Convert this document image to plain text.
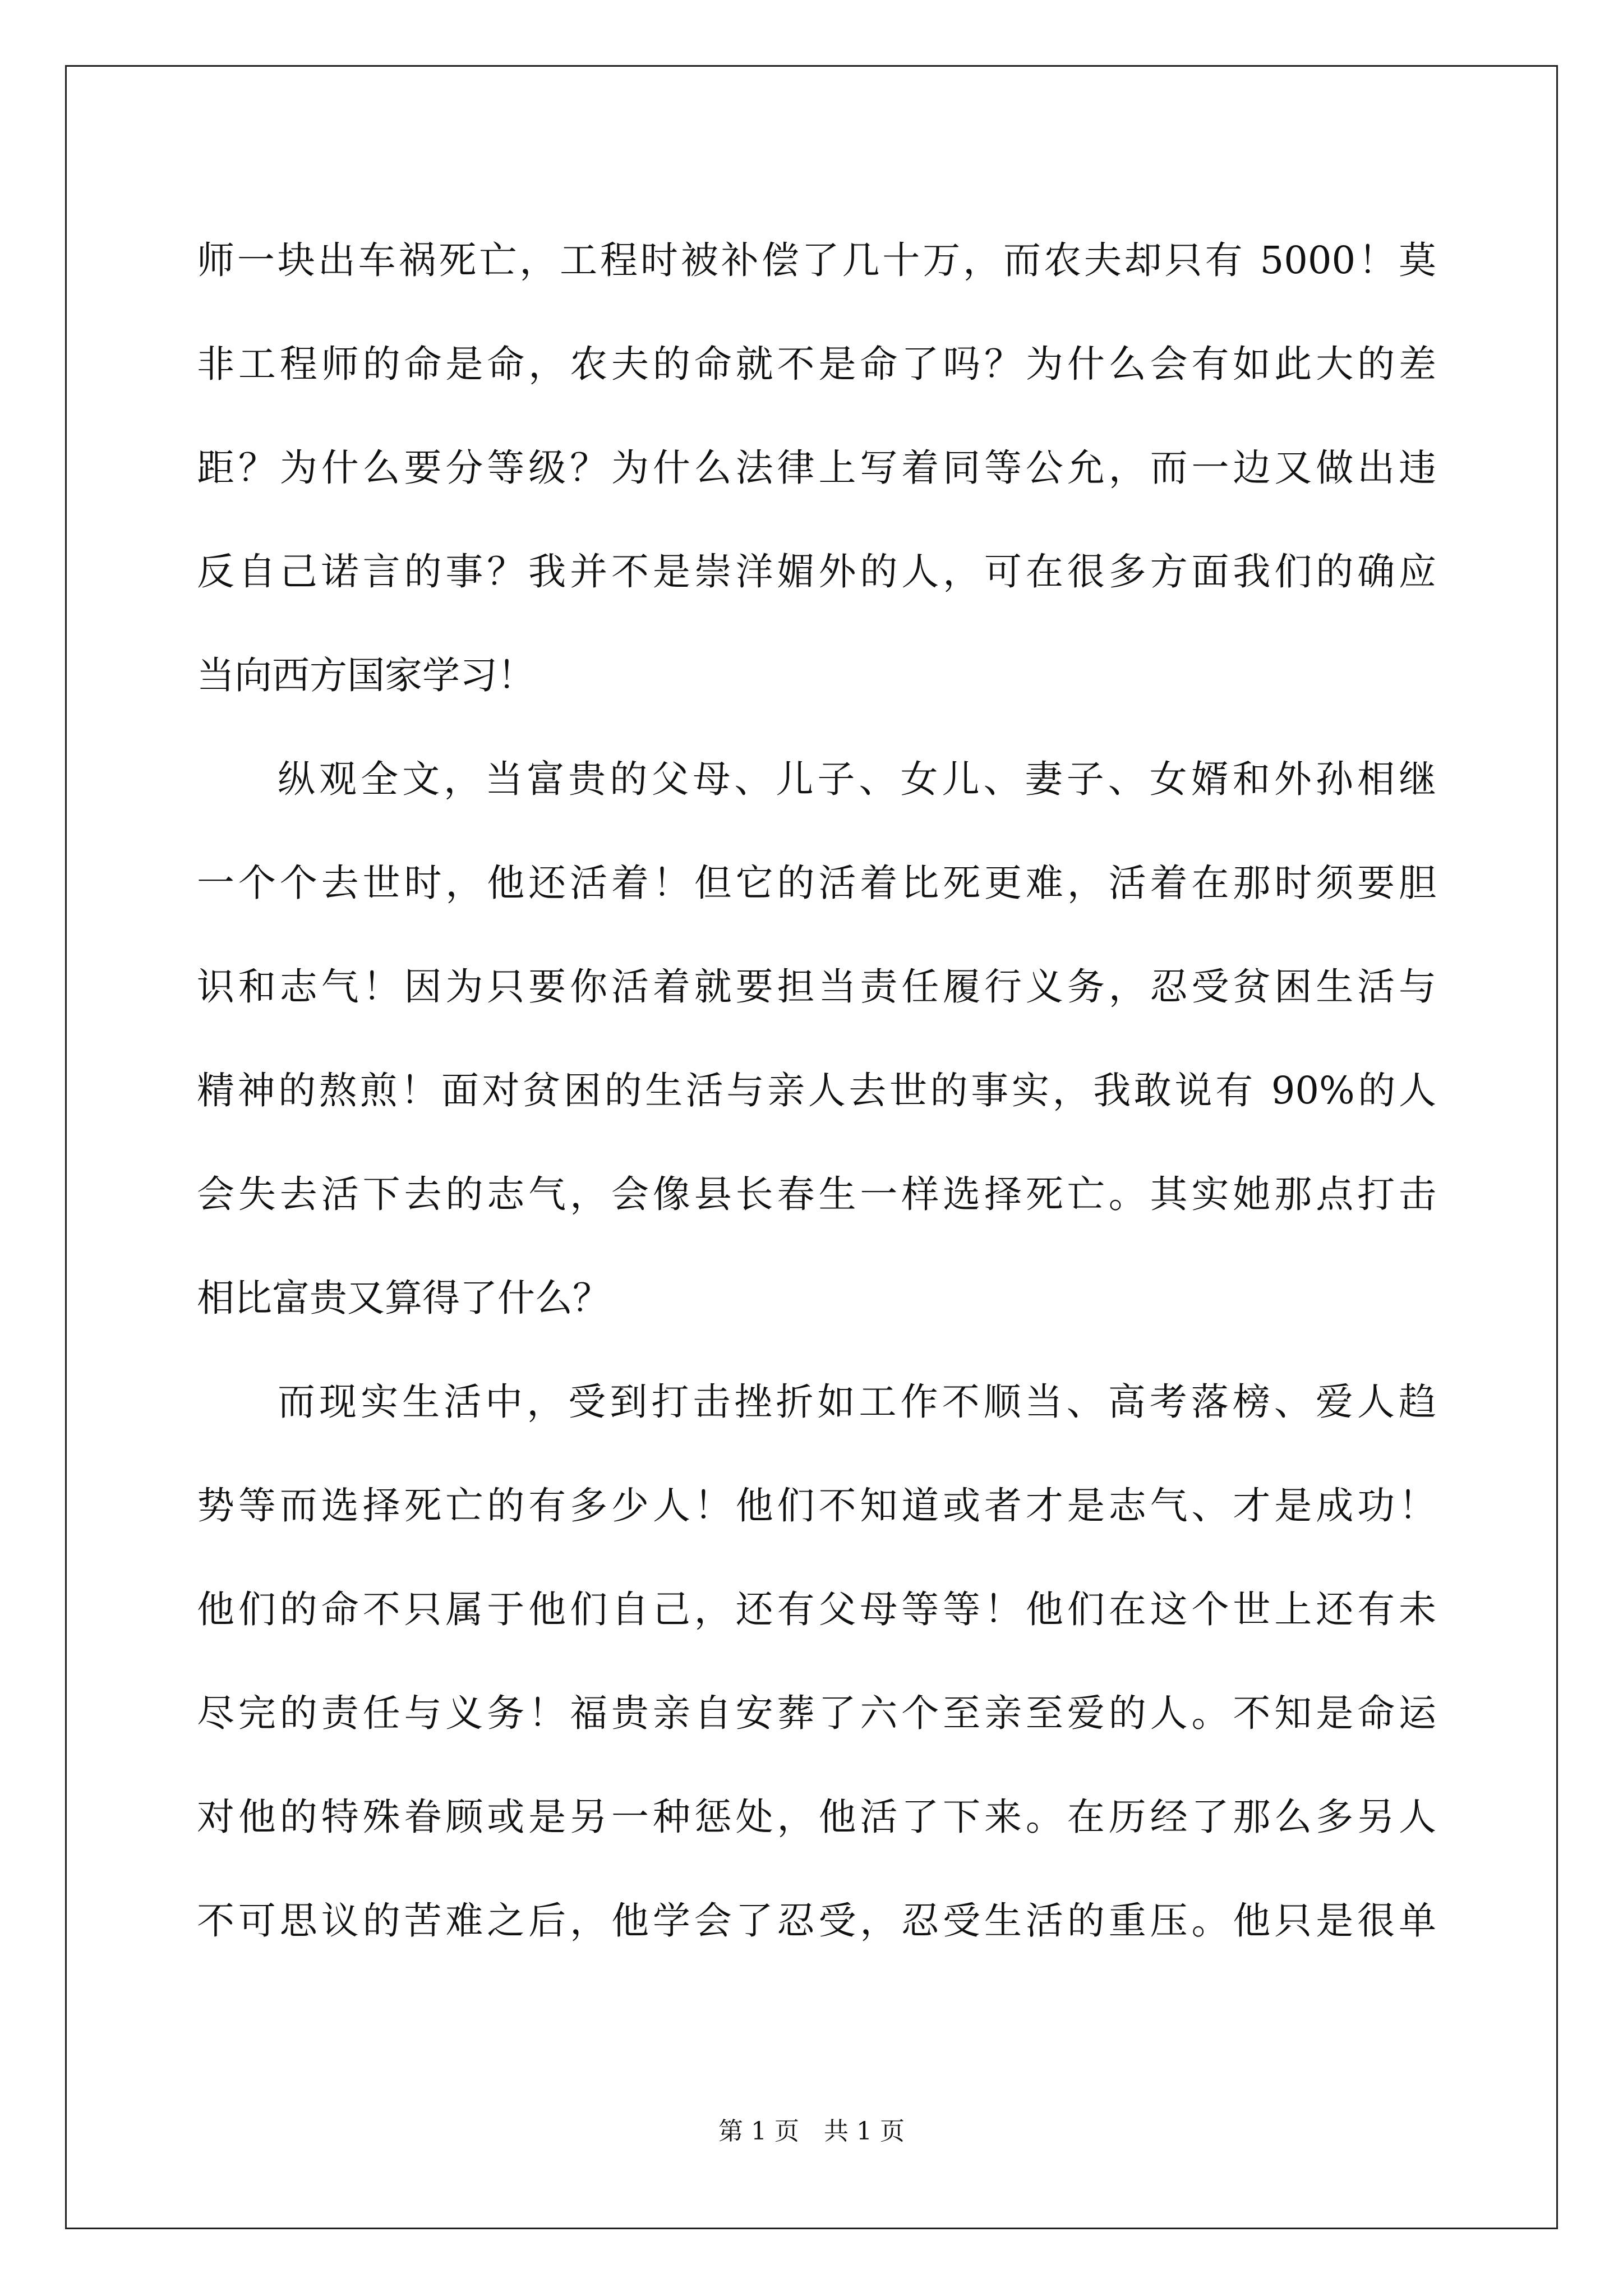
师一块出车祸死亡，工程时被补偿了几十万，而农夫却只有 5000！莫
非工程师的命是命，农夫的命就不是命了吗？为什么会有如此大的差
距？为什么要分等级？为什么法律上写着同等公允，而一边又做出违
反自己诺言的事？我并不是崇洋媚外的人，可在很多方面我们的确应
当向西方国家学习！
纵观全文，当富贵的父母、儿子、女儿、妻子、女婿和外孙相继
一个个去世时，他还活着！但它的活着比死更难，活着在那时须要胆
识和志气！因为只要你活着就要担当责任履行义务，忍受贫困生活与
精神的熬煎！面对贫困的生活与亲人去世的事实，我敢说有 90%的人
会失去活下去的志气，会像县长春生一样选择死亡。其实她那点打击
相比富贵又算得了什么？
而现实生活中，受到打击挫折如工作不顺当、高考落榜、爱人趋
势等而选择死亡的有多少人！他们不知道或者才是志气、才是成功！
他们的命不只属于他们自己，还有父母等等！他们在这个世上还有未
尽完的责任与义务！福贵亲自安葬了六个至亲至爱的人。不知是命运
对他的特殊眷顾或是另一种惩处，他活了下来。在历经了那么多另人
不可思议的苦难之后，他学会了忍受，忍受生活的重压。他只是很单
第 1 页　共 1 页
